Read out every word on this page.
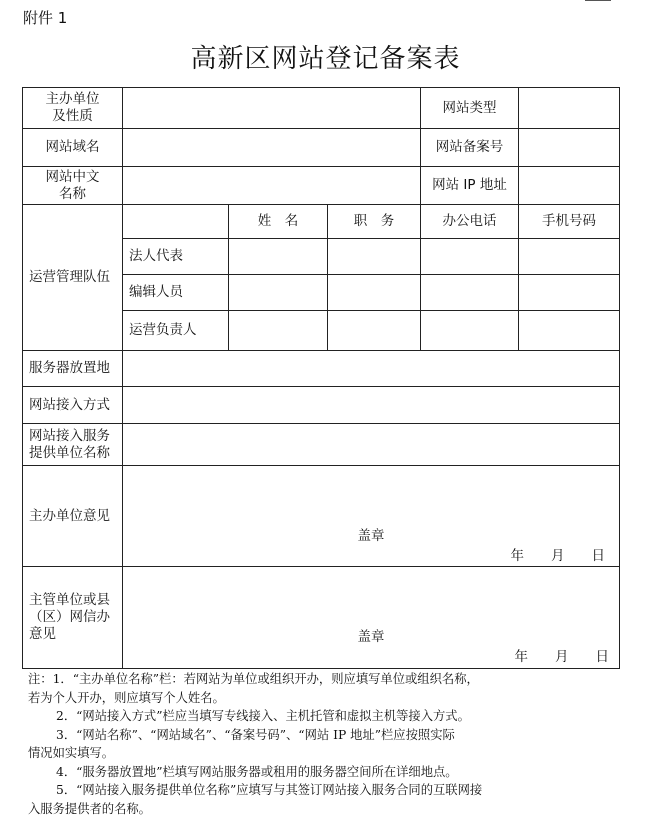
附件 1
高新区网站登记备案表
主办单位
及性质				网站类型	
网站域名				网站备案号	
网站中文
名称				网站 IP 地址	
运营管理队伍		姓　名	职　务	办公电话	手机号码
	法人代表				
	编辑人员				
	运营负责人				
服务器放置地					
网站接入方式					
网站接入服务
提供单位名称					
主办单位意见	盖章
年　　月　　日				

主管单位或县
（区）网信办
意见	盖章
年　　月　　日				
注：1．“主办单位名称”栏：若网站为单位或组织开办，则应填写单位或组织名称，
若为个人开办，则应填写个人姓名。
2．“网站接入方式”栏应当填写专线接入、主机托管和虚拟主机等接入方式。
3．“网站名称”、“网站域名”、“备案号码”、“网站 IP 地址”栏应按照实际
情况如实填写。
4．“服务器放置地”栏填写网站服务器或租用的服务器空间所在详细地点。
5．“网站接入服务提供单位名称”应填写与其签订网站接入服务合同的互联网接
入服务提供者的名称。
